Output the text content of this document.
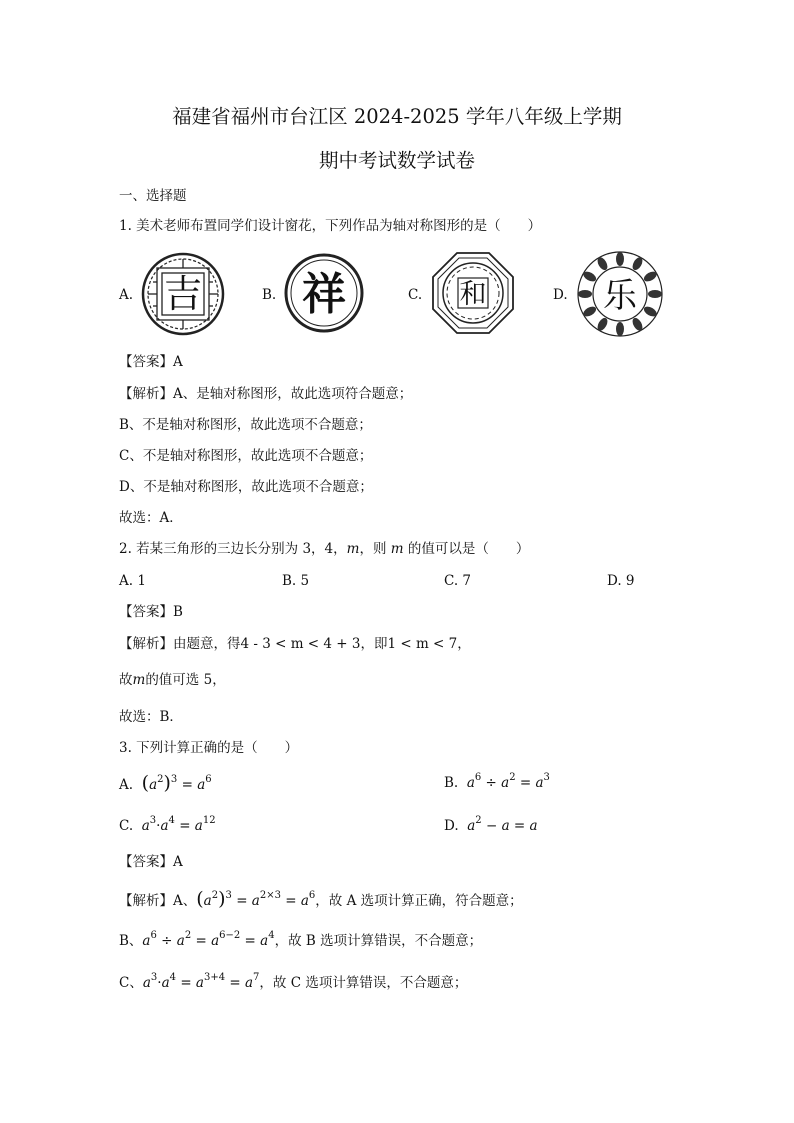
福建省福州市台江区 2024-2025 学年八年级上学期
期中考试数学试卷
一、选择题
1. 美术老师布置同学们设计窗花，下列作品为轴对称图形的是（　　）
A. 吉	B. 祥	C. 和	D. 乐
【答案】A
【解析】A、是轴对称图形，故此选项符合题意；
B、不是轴对称图形，故此选项不合题意；
C、不是轴对称图形，故此选项不合题意；
D、不是轴对称图形，故此选项不合题意；
故选：A．
2. 若某三角形的三边长分别为 3，4，m，则 m 的值可以是（　　）
A. 1	B. 5	C. 7	D. 9
【答案】B
【解析】由题意，得4 - 3 < m < 4 + 3，即1 < m < 7，
故m的值可选 5，
故选：B．
3. 下列计算正确的是（　　）
A. $(a^2)^3 = a^6$	B. $a^6 \div a^2 = a^3$
C. $a^3\cdot a^4 = a^{12}$	D. $a^2 - a = a$
【答案】A
【解析】A、$(a^2)^3 = a^{2\times 3} = a^6$，故 A 选项计算正确，符合题意；
B、$a^6 \div a^2 = a^{6-2} = a^4$，故 B 选项计算错误，不合题意；
C、$a^3\cdot a^4 = a^{3+4} = a^7$，故 C 选项计算错误，不合题意；
